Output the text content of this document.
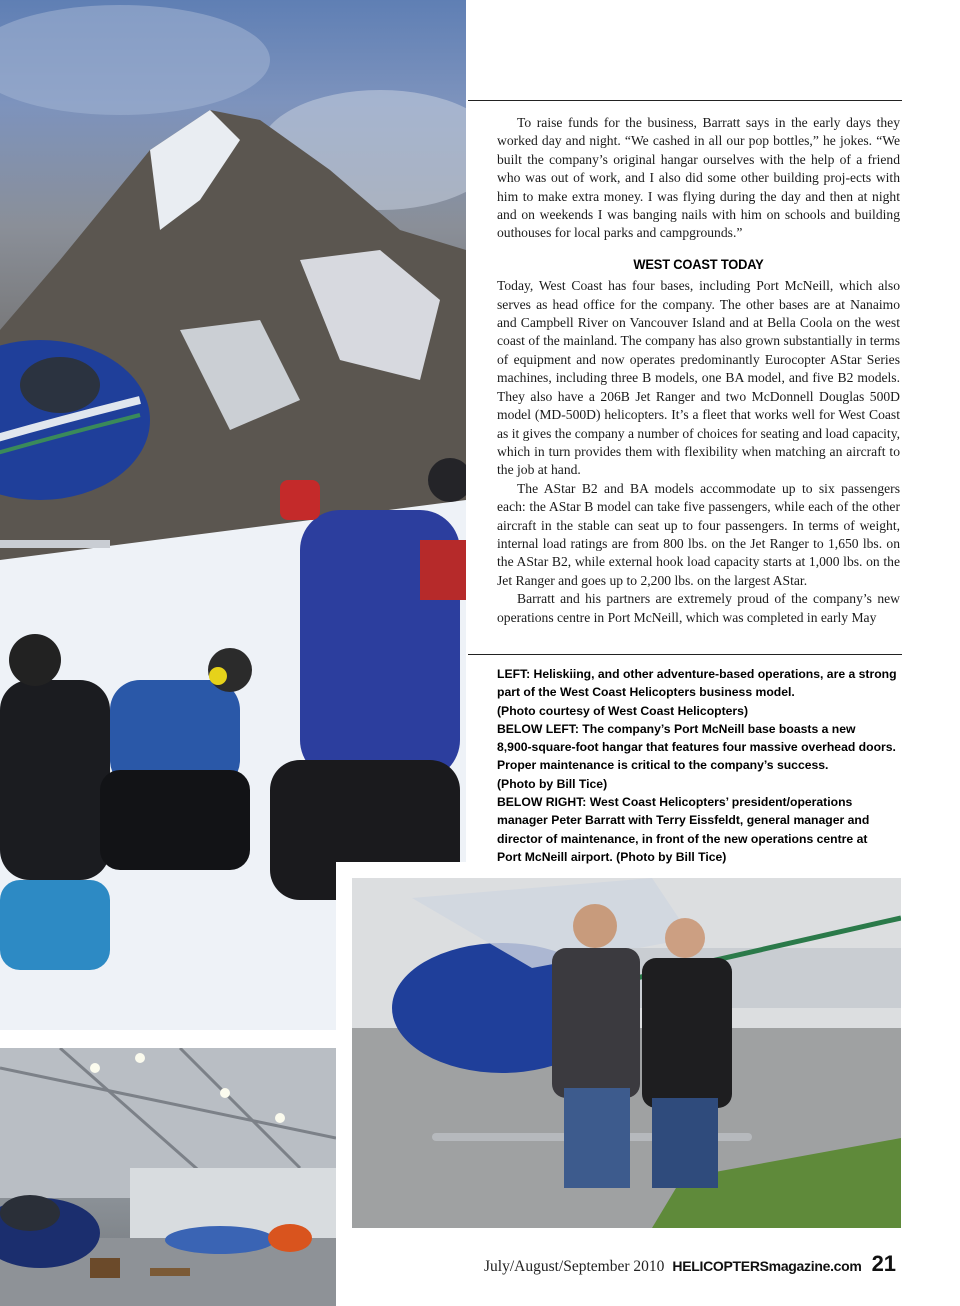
To raise funds for the business, Barratt says in the early days they worked day and night. “We cashed in all our pop bottles,” he jokes. “We built the company’s original hangar ourselves with the help of a friend who was out of work, and I also did some other building proj-ects with him to make extra money. I was flying during the day and then at night and on weekends I was banging nails with him on schools and building outhouses for local parks and campgrounds.”

WEST COAST TODAY

Today, West Coast has four bases, including Port McNeill, which also serves as head office for the company. The other bases are at Nanaimo and Campbell River on Vancouver Island and at Bella Coola on the west coast of the mainland. The company has also grown substantially in terms of equipment and now operates predominantly Eurocopter AStar Series machines, including three B models, one BA model, and five B2 models. They also have a 206B Jet Ranger and two McDonnell Douglas 500D model (MD-500D) helicopters. It’s a fleet that works well for West Coast as it gives the company a number of choices for seating and load capacity, which in turn provides them with flexibility when matching an aircraft to the job at hand.

The AStar B2 and BA models accommodate up to six passengers each: the AStar B model can take five passengers, while each of the other aircraft in the stable can seat up to four passengers. In terms of weight, internal load ratings are from 800 lbs. on the Jet Ranger to 1,650 lbs. on the AStar B2, while external hook load capacity starts at 1,000 lbs. on the Jet Ranger and goes up to 2,200 lbs. on the largest AStar.

Barratt and his partners are extremely proud of the company’s new operations centre in Port McNeill, which was completed in early May

LEFT: Heliskiing, and other adventure-based operations, are a strong
part of the West Coast Helicopters business model.
(Photo courtesy of West Coast Helicopters)
BELOW LEFT: The company’s Port McNeill base boasts a new
8,900-square-foot hangar that features four massive overhead doors.
Proper maintenance is critical to the company’s success.
(Photo by Bill Tice)
BELOW RIGHT: West Coast Helicopters’ president/operations
manager Peter Barratt with Terry Eissfeldt, general manager and
director of maintenance, in front of the new operations centre at
Port McNeill airport. (Photo by Bill Tice)
July/August/September 2010 HELICOPTERSmagazine.com 21
